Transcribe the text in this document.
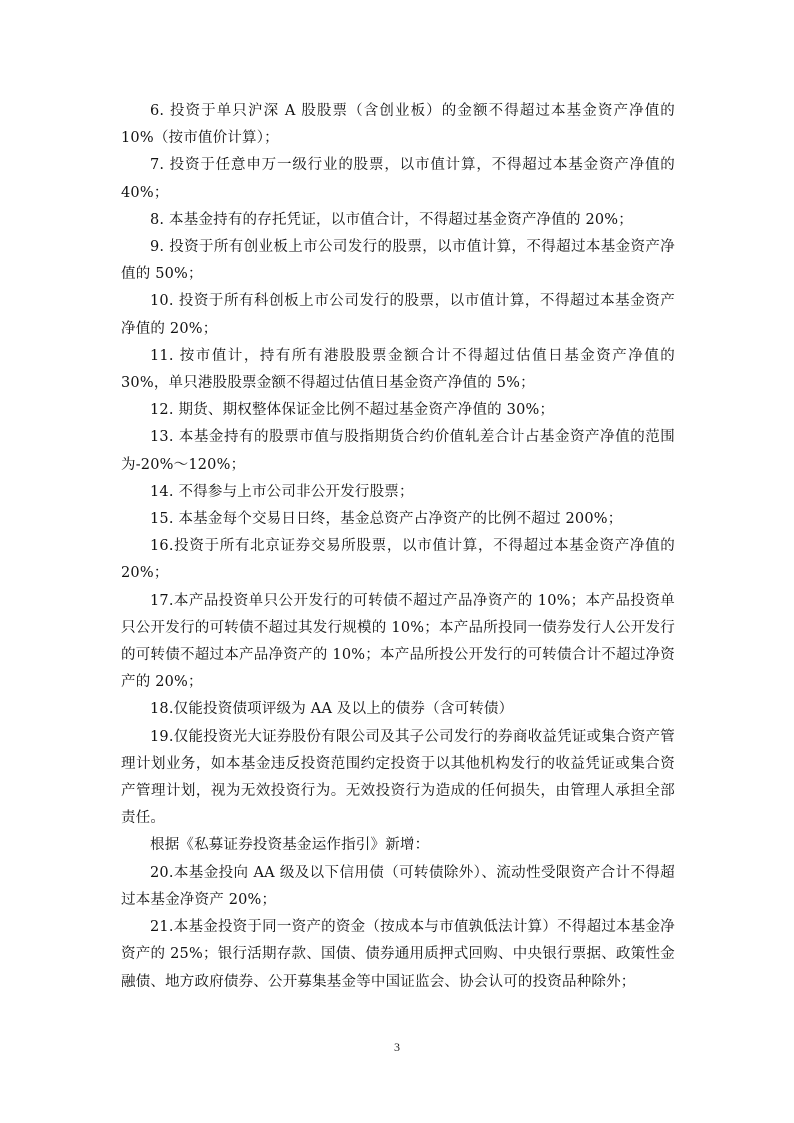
6. 投资于单只沪深 A 股股票（含创业板）的金额不得超过本基金资产净值的 10%（按市值价计算）；

7. 投资于任意申万一级行业的股票，以市值计算，不得超过本基金资产净值的 40%；

8. 本基金持有的存托凭证，以市值合计，不得超过基金资产净值的 20%；

9. 投资于所有创业板上市公司发行的股票，以市值计算，不得超过本基金资产净值的 50%；

10. 投资于所有科创板上市公司发行的股票，以市值计算，不得超过本基金资产净值的 20%；

11. 按市值计，持有所有港股股票金额合计不得超过估值日基金资产净值的 30%，单只港股股票金额不得超过估值日基金资产净值的 5%；

12. 期货、期权整体保证金比例不超过基金资产净值的 30%；

13. 本基金持有的股票市值与股指期货合约价值轧差合计占基金资产净值的范围为-20%～120%；

14. 不得参与上市公司非公开发行股票；

15. 本基金每个交易日日终，基金总资产占净资产的比例不超过 200%；

16.投资于所有北京证券交易所股票，以市值计算，不得超过本基金资产净值的 20%；

17.本产品投资单只公开发行的可转债不超过产品净资产的 10%；本产品投资单只公开发行的可转债不超过其发行规模的 10%；本产品所投同一债券发行人公开发行的可转债不超过本产品净资产的 10%；本产品所投公开发行的可转债合计不超过净资产的 20%；

18.仅能投资债项评级为 AA 及以上的债券（含可转债）

19.仅能投资光大证券股份有限公司及其子公司发行的券商收益凭证或集合资产管理计划业务，如本基金违反投资范围约定投资于以其他机构发行的收益凭证或集合资产管理计划，视为无效投资行为。无效投资行为造成的任何损失，由管理人承担全部责任。

根据《私募证券投资基金运作指引》新增：

20.本基金投向 AA 级及以下信用债（可转债除外）、流动性受限资产合计不得超过本基金净资产 20%；

21.本基金投资于同一资产的资金（按成本与市值孰低法计算）不得超过本基金净资产的 25%；银行活期存款、国债、债券通用质押式回购、中央银行票据、政策性金融债、地方政府债券、公开募集基金等中国证监会、协会认可的投资品种除外；

3
